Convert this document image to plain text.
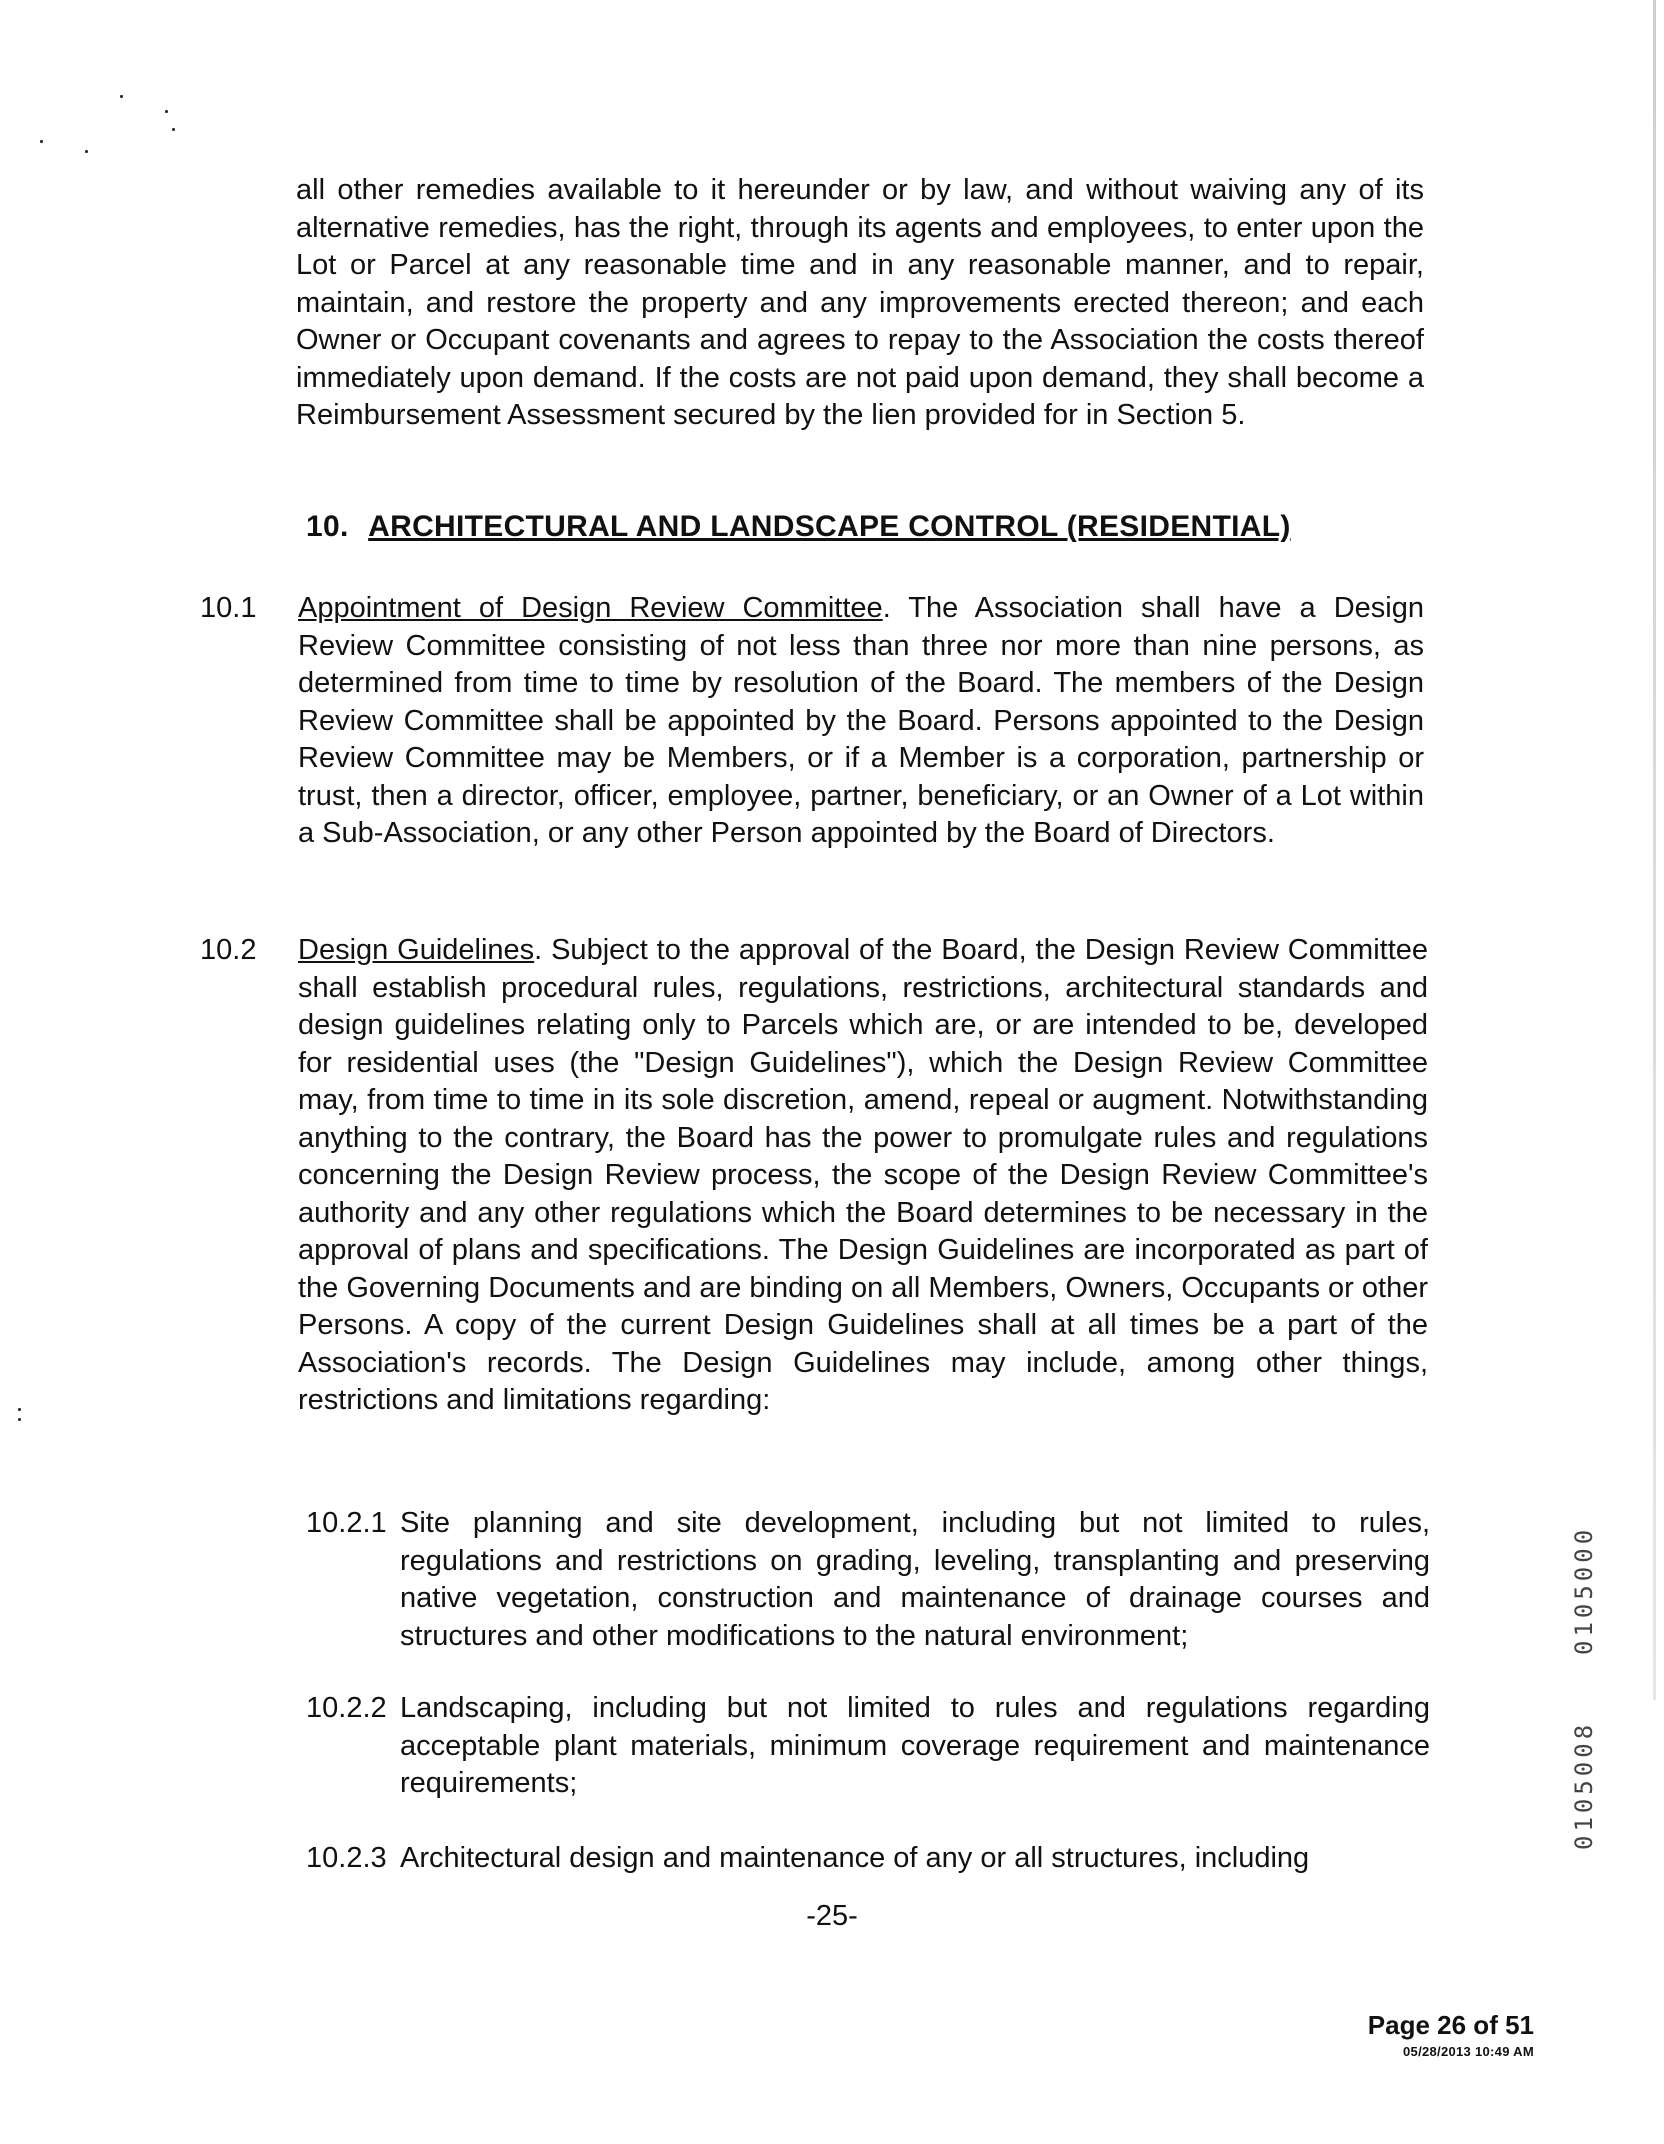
all other remedies available to it hereunder or by law, and without waiving any of its alternative remedies, has the right, through its agents and employees, to enter upon the Lot or Parcel at any reasonable time and in any reasonable manner, and to repair, maintain, and restore the property and any improvements erected thereon; and each Owner or Occupant covenants and agrees to repay to the Association the costs thereof immediately upon demand. If the costs are not paid upon demand, they shall become a Reimbursement Assessment secured by the lien provided for in Section 5.
10. ARCHITECTURAL AND LANDSCAPE CONTROL (RESIDENTIAL)
10.1 Appointment of Design Review Committee. The Association shall have a Design Review Committee consisting of not less than three nor more than nine persons, as determined from time to time by resolution of the Board. The members of the Design Review Committee shall be appointed by the Board. Persons appointed to the Design Review Committee may be Members, or if a Member is a corporation, partnership or trust, then a director, officer, employee, partner, beneficiary, or an Owner of a Lot within a Sub-Association, or any other Person appointed by the Board of Directors.
10.2 Design Guidelines. Subject to the approval of the Board, the Design Review Committee shall establish procedural rules, regulations, restrictions, architectural standards and design guidelines relating only to Parcels which are, or are intended to be, developed for residential uses (the "Design Guidelines"), which the Design Review Committee may, from time to time in its sole discretion, amend, repeal or augment. Notwithstanding anything to the contrary, the Board has the power to promulgate rules and regulations concerning the Design Review process, the scope of the Design Review Committee's authority and any other regulations which the Board determines to be necessary in the approval of plans and specifications. The Design Guidelines are incorporated as part of the Governing Documents and are binding on all Members, Owners, Occupants or other Persons. A copy of the current Design Guidelines shall at all times be a part of the Association's records. The Design Guidelines may include, among other things, restrictions and limitations regarding:
10.2.1 Site planning and site development, including but not limited to rules, regulations and restrictions on grading, leveling, transplanting and preserving native vegetation, construction and maintenance of drainage courses and structures and other modifications to the natural environment;
10.2.2 Landscaping, including but not limited to rules and regulations regarding acceptable plant materials, minimum coverage requirement and maintenance requirements;
10.2.3 Architectural design and maintenance of any or all structures, including
-25-
Page 26 of 51
05/28/2013 10:49 AM
0105000
0105008
